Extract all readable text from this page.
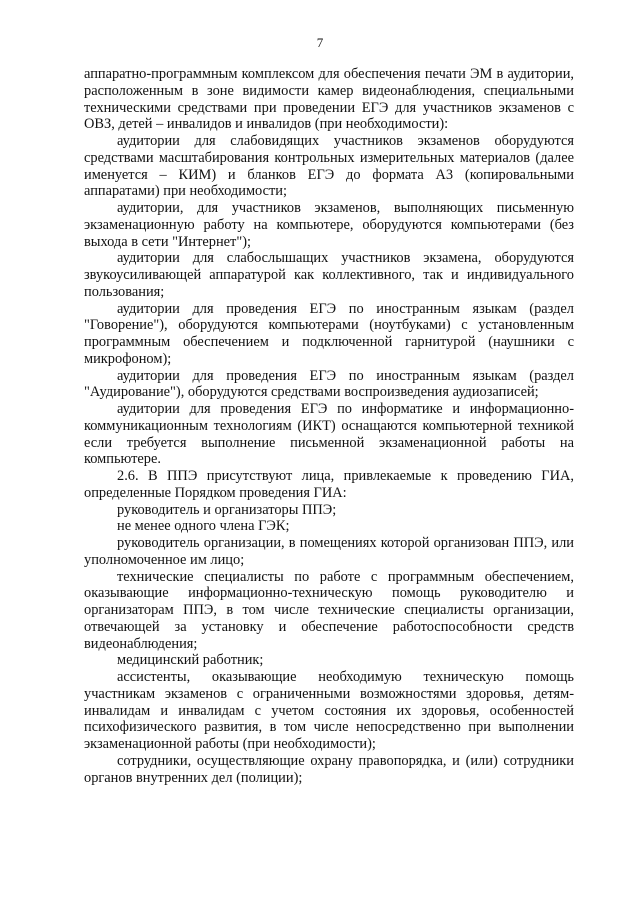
7

аппаратно-программным комплексом для обеспечения печати ЭМ в аудитории, расположенным в зоне видимости камер видеонаблюдения, специальными техническими средствами при проведении ЕГЭ для участников экзаменов с ОВЗ, детей – инвалидов и инвалидов (при необходимости):

аудитории для слабовидящих участников экзаменов оборудуются средствами масштабирования контрольных измерительных материалов (далее именуется – КИМ) и бланков ЕГЭ до формата А3 (копировальными аппаратами) при необходимости;

аудитории, для участников экзаменов, выполняющих письменную экзаменационную работу на компьютере, оборудуются компьютерами (без выхода в сети "Интернет");

аудитории для слабослышащих участников экзамена, оборудуются звукоусиливающей аппаратурой как коллективного, так и индивидуального пользования;

аудитории для проведения ЕГЭ по иностранным языкам (раздел "Говорение"), оборудуются компьютерами (ноутбуками) с установленным программным обеспечением и подключенной гарнитурой (наушники с микрофоном);

аудитории для проведения ЕГЭ по иностранным языкам (раздел "Аудирование"), оборудуются средствами воспроизведения аудиозаписей;

аудитории для проведения ЕГЭ по информатике и информационно-коммуникационным технологиям (ИКТ) оснащаются компьютерной техникой если требуется выполнение письменной экзаменационной работы на компьютере.

2.6. В ППЭ присутствуют лица, привлекаемые к проведению ГИА, определенные Порядком проведения ГИА:

руководитель и организаторы ППЭ;

не менее одного члена ГЭК;

руководитель организации, в помещениях которой организован ППЭ, или уполномоченное им лицо;

технические специалисты по работе с программным обеспечением, оказывающие информационно-техническую помощь руководителю и организаторам ППЭ, в том числе технические специалисты организации, отвечающей за установку и обеспечение работоспособности средств видеонаблюдения;

медицинский работник;

ассистенты, оказывающие необходимую техническую помощь участникам экзаменов с ограниченными возможностями здоровья, детям-инвалидам и инвалидам с учетом состояния их здоровья, особенностей психофизического развития, в том числе непосредственно при выполнении экзаменационной работы (при необходимости);

сотрудники, осуществляющие охрану правопорядка, и (или) сотрудники органов внутренних дел (полиции);
